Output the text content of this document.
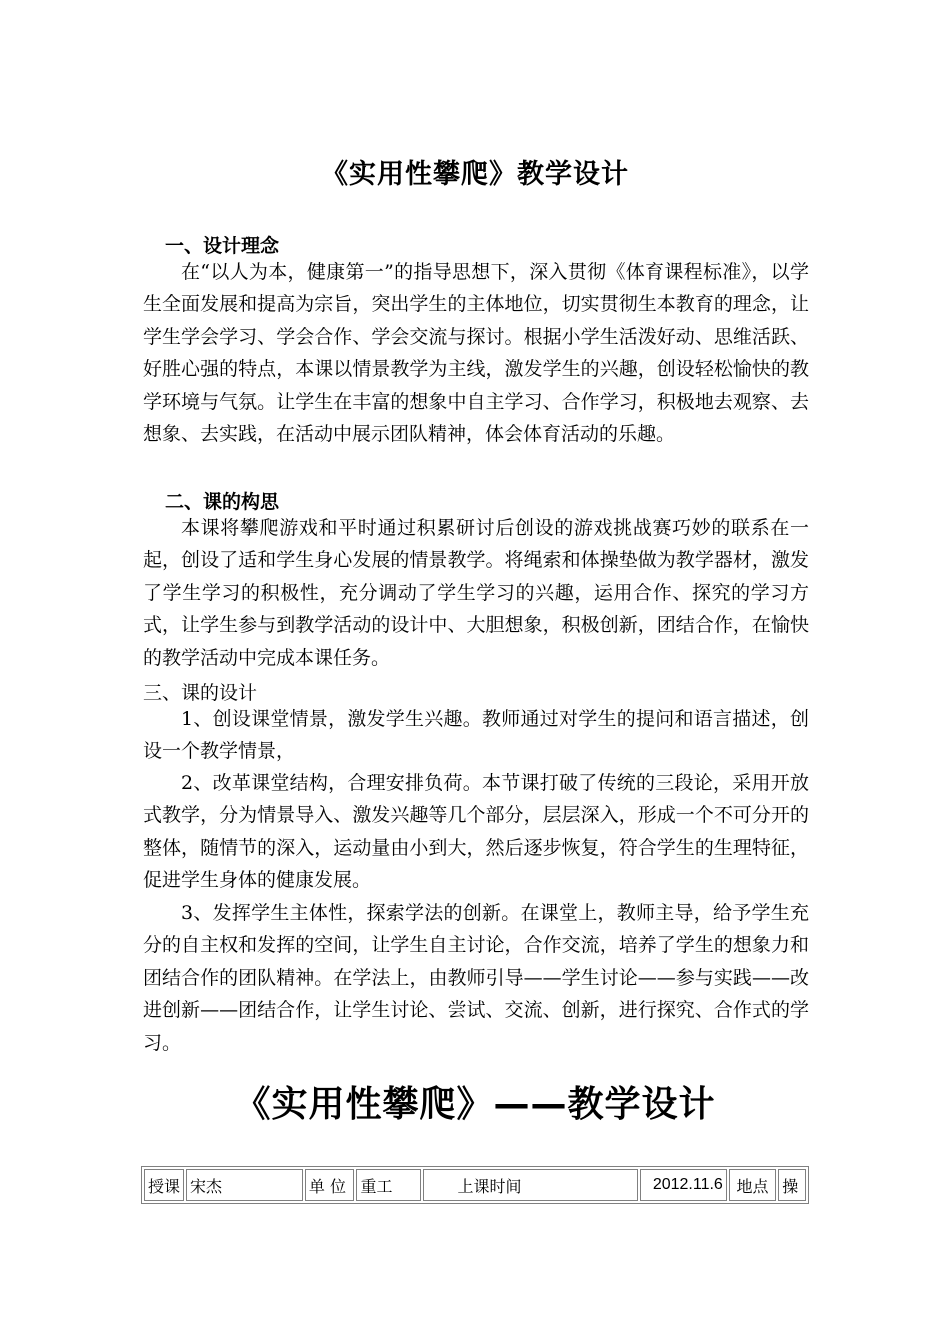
《实用性攀爬》教学设计
一、设计理念

在“以人为本，健康第一”的指导思想下，深入贯彻《体育课程标准》，以学生全面发展和提高为宗旨，突出学生的主体地位，切实贯彻生本教育的理念，让学生学会学习、学会合作、学会交流与探讨。根据小学生活泼好动、思维活跃、好胜心强的特点，本课以情景教学为主线，激发学生的兴趣，创设轻松愉快的教学环境与气氛。让学生在丰富的想象中自主学习、合作学习，积极地去观察、去想象、去实践，在活动中展示团队精神，体会体育活动的乐趣。

二、课的构思

本课将攀爬游戏和平时通过积累研讨后创设的游戏挑战赛巧妙的联系在一起，创设了适和学生身心发展的情景教学。将绳索和体操垫做为教学器材，激发了学生学习的积极性，充分调动了学生学习的兴趣，运用合作、探究的学习方式，让学生参与到教学活动的设计中、大胆想象，积极创新，团结合作，在愉快的教学活动中完成本课任务。

三、课的设计

1、创设课堂情景，激发学生兴趣。教师通过对学生的提问和语言描述，创设一个教学情景，

2、改革课堂结构，合理安排负荷。本节课打破了传统的三段论，采用开放式教学，分为情景导入、激发兴趣等几个部分，层层深入，形成一个不可分开的整体，随情节的深入，运动量由小到大，然后逐步恢复，符合学生的生理特征，促进学生身体的健康发展。

3、发挥学生主体性，探索学法的创新。在课堂上，教师主导，给予学生充分的自主权和发挥的空间，让学生自主讨论，合作交流，培养了学生的想象力和团结合作的团队精神。在学法上，由教师引导——学生讨论——参与实践——改进创新——团结合作，让学生讨论、尝试、交流、创新，进行探究、合作式的学习。

《实用性攀爬》——教学设计
授课	宋杰	单 位	重工	上课时间	2012.11.6	地点	操
